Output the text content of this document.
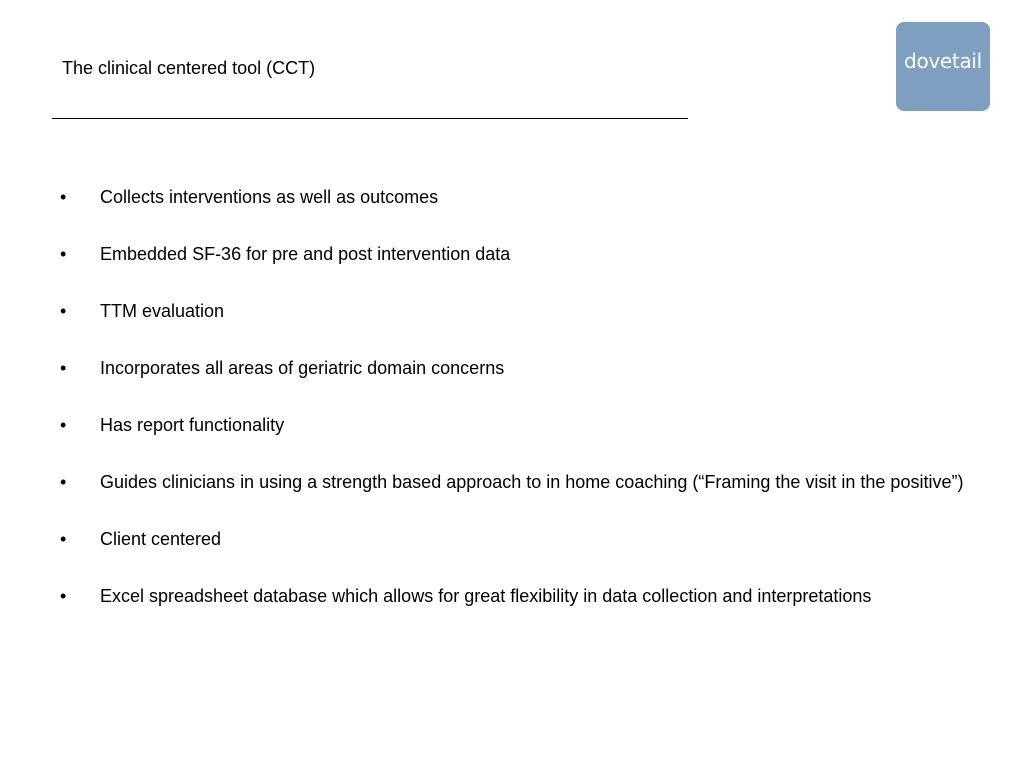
The clinical centered tool (CCT)	dovetail
•	Collects interventions as well as outcomes
•	Embedded SF-36 for pre and post intervention data
•	TTM evaluation
•	Incorporates all areas of geriatric domain concerns
•	Has report functionality
•	Guides clinicians in using a strength based approach to in home coaching (“Framing the visit in the positive”)
•	Client centered
•	Excel spreadsheet database which allows for great flexibility in data collection and interpretations
